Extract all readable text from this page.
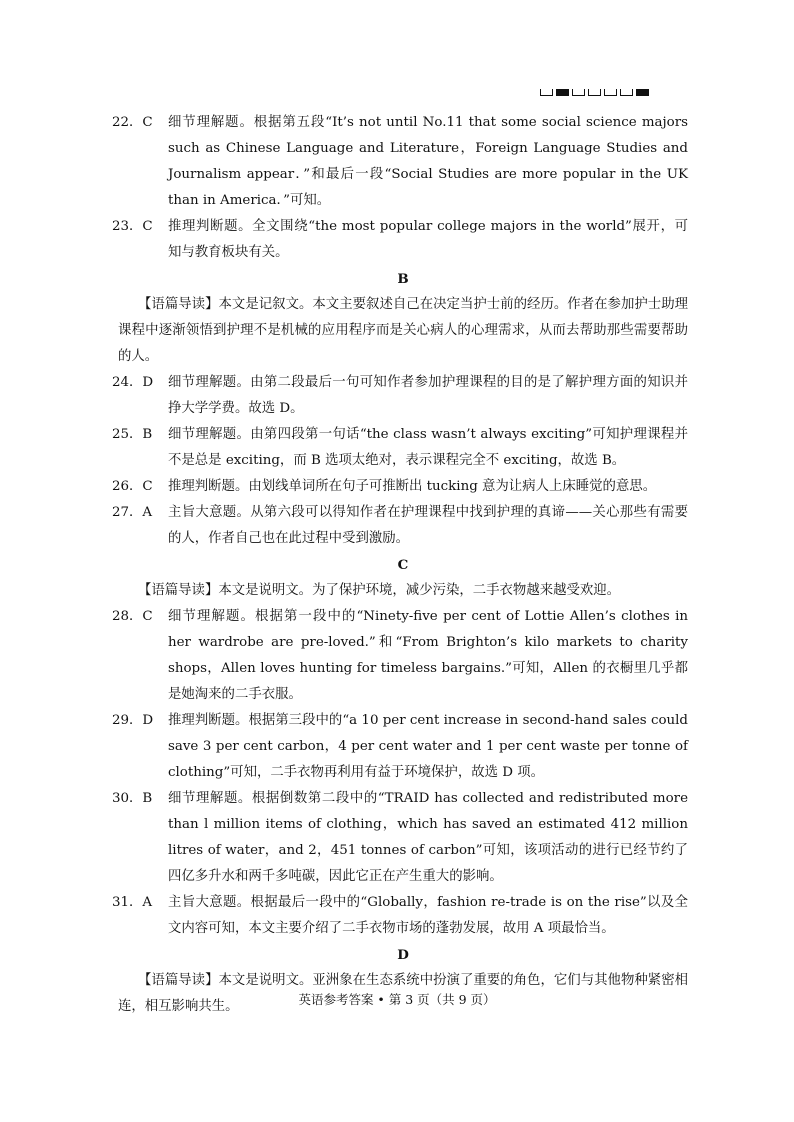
22．C 细节理解题。根据第五段“It’s not until No.11 that some social science majors such as Chinese Language and Literature，Foreign Language Studies and Journalism appear．”和最后一段“Social Studies are more popular in the UK than in America．”可知。
23．C 推理判断题。全文围绕“the most popular college majors in the world”展开，可知与教育板块有关。

B

【语篇导读】本文是记叙文。本文主要叙述自己在决定当护士前的经历。作者在参加护士助理课程中逐渐领悟到护理不是机械的应用程序而是关心病人的心理需求，从而去帮助那些需要帮助的人。
24．D 细节理解题。由第二段最后一句可知作者参加护理课程的目的是了解护理方面的知识并挣大学学费。故选 D。
25．B 细节理解题。由第四段第一句话“the class wasn’t always exciting”可知护理课程并不是总是 exciting，而 B 选项太绝对，表示课程完全不 exciting，故选 B。
26．C 推理判断题。由划线单词所在句子可推断出 tucking 意为让病人上床睡觉的意思。
27．A 主旨大意题。从第六段可以得知作者在护理课程中找到护理的真谛——关心那些有需要的人，作者自己也在此过程中受到激励。

C

【语篇导读】本文是说明文。为了保护环境，减少污染，二手衣物越来越受欢迎。
28．C 细节理解题。根据第一段中的“Ninety-five per cent of Lottie Allen’s clothes in her wardrobe are pre-loved.”和“From Brighton’s kilo markets to charity shops，Allen loves hunting for timeless bargains.”可知，Allen 的衣橱里几乎都是她淘来的二手衣服。
29．D 推理判断题。根据第三段中的“a 10 per cent increase in second-hand sales could save 3 per cent carbon，4 per cent water and 1 per cent waste per tonne of clothing”可知，二手衣物再利用有益于环境保护，故选 D 项。
30．B 细节理解题。根据倒数第二段中的“TRAID has collected and redistributed more than l million items of clothing，which has saved an estimated 412 million litres of water，and 2，451 tonnes of carbon”可知，该项活动的进行已经节约了四亿多升水和两千多吨碳，因此它正在产生重大的影响。
31．A 主旨大意题。根据最后一段中的“Globally，fashion re-trade is on the rise”以及全文内容可知，本文主要介绍了二手衣物市场的蓬勃发展，故用 A 项最恰当。

D

【语篇导读】本文是说明文。亚洲象在生态系统中扮演了重要的角色，它们与其他物种紧密相连，相互影响共生。	英语参考答案 • 第 3 页（共 9 页）
